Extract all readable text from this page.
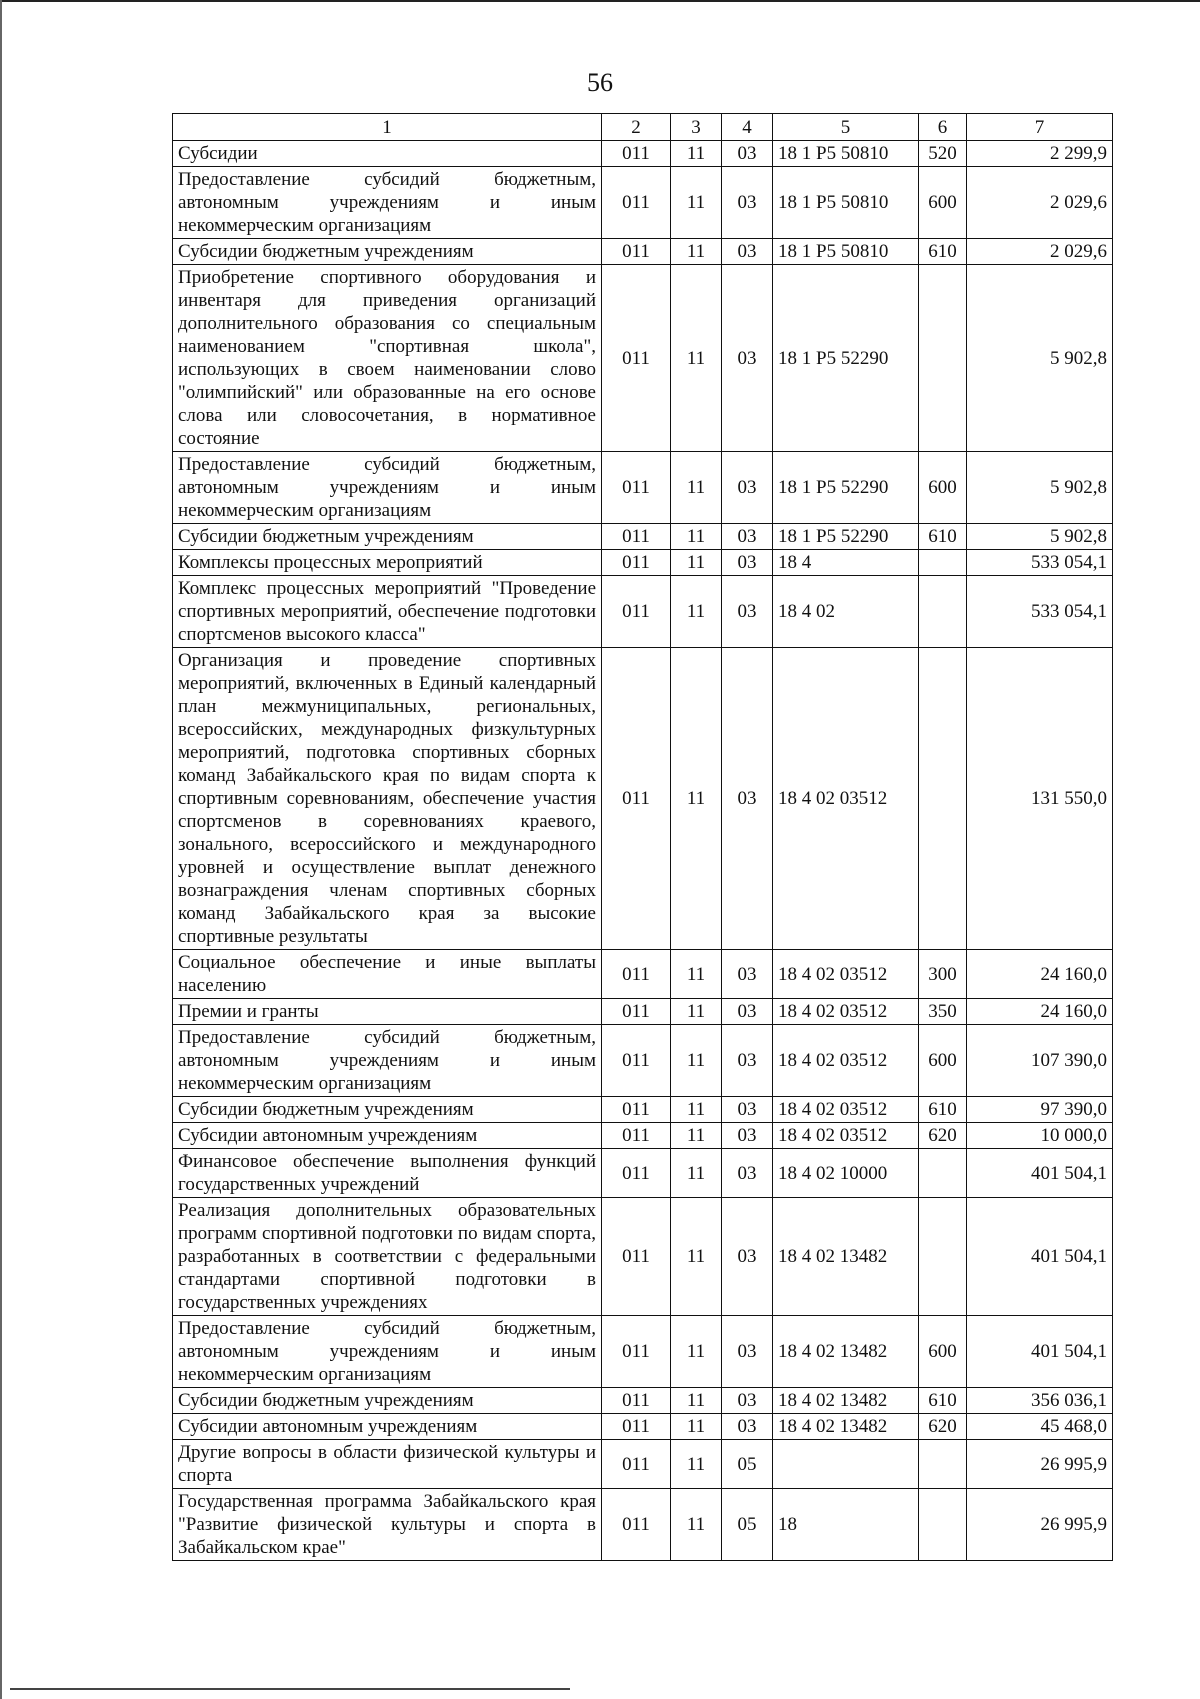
56
1	2	3	4	5	6	7
Субсидии	011	11	03	18 1 Р5 50810	520	2 299,9
Предоставление субсидий бюджетным, автономным учреждениям и иным некоммерческим организациям	011	11	03	18 1 Р5 50810	600	2 029,6
Субсидии бюджетным учреждениям	011	11	03	18 1 Р5 50810	610	2 029,6
Приобретение спортивного оборудования и инвентаря для приведения организаций дополнительного образования со специальным наименованием "спортивная школа", использующих в своем наименовании слово "олимпийский" или образованные на его основе слова или словосочетания, в нормативное состояние	011	11	03	18 1 Р5 52290		5 902,8
Предоставление субсидий бюджетным, автономным учреждениям и иным некоммерческим организациям	011	11	03	18 1 Р5 52290	600	5 902,8
Субсидии бюджетным учреждениям	011	11	03	18 1 Р5 52290	610	5 902,8
Комплексы процессных мероприятий	011	11	03	18 4		533 054,1
Комплекс процессных мероприятий "Проведение спортивных мероприятий, обеспечение подготовки спортсменов высокого класса"	011	11	03	18 4 02		533 054,1
Организация и проведение спортивных мероприятий, включенных в Единый календарный план межмуниципальных, региональных, всероссийских, международных физкультурных мероприятий, подготовка спортивных сборных команд Забайкальского края по видам спорта к спортивным соревнованиям, обеспечение участия спортсменов в соревнованиях краевого, зонального, всероссийского и международного уровней и осуществление выплат денежного вознаграждения членам спортивных сборных команд Забайкальского края за высокие спортивные результаты	011	11	03	18 4 02 03512		131 550,0
Социальное обеспечение и иные выплаты населению	011	11	03	18 4 02 03512	300	24 160,0
Премии и гранты	011	11	03	18 4 02 03512	350	24 160,0
Предоставление субсидий бюджетным, автономным учреждениям и иным некоммерческим организациям	011	11	03	18 4 02 03512	600	107 390,0
Субсидии бюджетным учреждениям	011	11	03	18 4 02 03512	610	97 390,0
Субсидии автономным учреждениям	011	11	03	18 4 02 03512	620	10 000,0
Финансовое обеспечение выполнения функций государственных учреждений	011	11	03	18 4 02 10000		401 504,1
Реализация дополнительных образовательных программ спортивной подготовки по видам спорта, разработанных в соответствии с федеральными стандартами спортивной подготовки в государственных учреждениях	011	11	03	18 4 02 13482		401 504,1
Предоставление субсидий бюджетным, автономным учреждениям и иным некоммерческим организациям	011	11	03	18 4 02 13482	600	401 504,1
Субсидии бюджетным учреждениям	011	11	03	18 4 02 13482	610	356 036,1
Субсидии автономным учреждениям	011	11	03	18 4 02 13482	620	45 468,0
Другие вопросы в области физической культуры и спорта	011	11	05			26 995,9
Государственная программа Забайкальского края "Развитие физической культуры и спорта в Забайкальском крае"	011	11	05	18		26 995,9
